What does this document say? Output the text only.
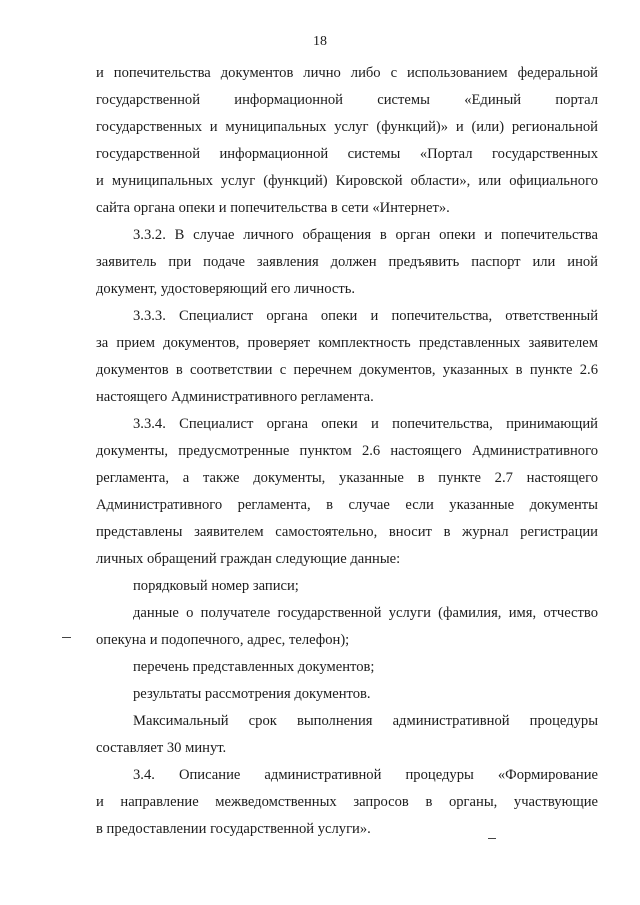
18
и попечительства документов лично либо с использованием федеральной
государственной информационной системы «Единый портал
государственных и муниципальных услуг (функций)» и (или) региональной
государственной информационной системы «Портал государственных
и муниципальных услуг (функций) Кировской области», или официального
сайта органа опеки и попечительства в сети «Интернет».
3.3.2. В случае личного обращения в орган опеки и попечительства
заявитель при подаче заявления должен предъявить паспорт или иной
документ, удостоверяющий его личность.
3.3.3. Специалист органа опеки и попечительства, ответственный
за прием документов, проверяет комплектность представленных заявителем
документов в соответствии с перечнем документов, указанных в пункте 2.6
настоящего Административного регламента.
3.3.4. Специалист органа опеки и попечительства, принимающий
документы, предусмотренные пунктом 2.6 настоящего Административного
регламента, а также документы, указанные в пункте 2.7 настоящего
Административного регламента, в случае если указанные документы
представлены заявителем самостоятельно, вносит в журнал регистрации
личных обращений граждан следующие данные:
порядковый номер записи;
данные о получателе государственной услуги (фамилия, имя, отчество
опекуна и подопечного, адрес, телефон);
перечень представленных документов;
результаты рассмотрения документов.
Максимальный срок выполнения административной процедуры
составляет 30 минут.
3.4. Описание административной процедуры «Формирование
и направление межведомственных запросов в органы, участвующие
в предоставлении государственной услуги».
